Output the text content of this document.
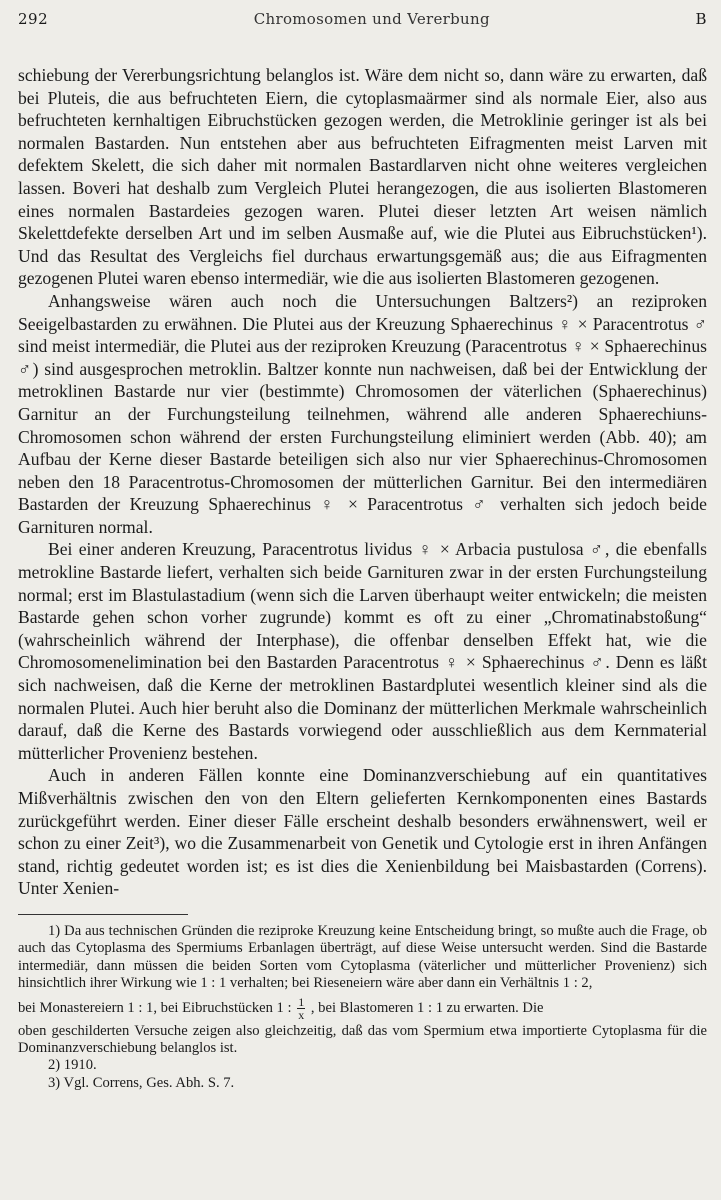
292	Chromosomen und Vererbung	B

schiebung der Vererbungsrichtung belanglos ist. Wäre dem nicht so, dann wäre zu erwarten, daß bei Pluteis, die aus befruchteten Eiern, die cytoplasmaärmer sind als normale Eier, also aus befruchteten kernhaltigen Eibruchstücken gezogen werden, die Metroklinie geringer ist als bei normalen Bastarden. Nun entstehen aber aus befruchteten Eifragmenten meist Larven mit defektem Skelett, die sich daher mit normalen Bastardlarven nicht ohne weiteres vergleichen lassen. Boveri hat deshalb zum Vergleich Plutei herangezogen, die aus isolierten Blastomeren eines normalen Bastardeies gezogen waren. Plutei dieser letzten Art weisen nämlich Skelettdefekte derselben Art und im selben Ausmaße auf, wie die Plutei aus Eibruchstücken¹). Und das Resultat des Vergleichs fiel durchaus erwartungsgemäß aus; die aus Eifragmenten gezogenen Plutei waren ebenso intermediär, wie die aus isolierten Blastomeren gezogenen.

Anhangsweise wären auch noch die Untersuchungen Baltzers²) an reziproken Seeigelbastarden zu erwähnen. Die Plutei aus der Kreuzung Sphaerechinus ♀ × Paracentrotus ♂ sind meist intermediär, die Plutei aus der reziproken Kreuzung (Paracentrotus ♀ × Sphaerechinus ♂) sind ausgesprochen metroklin. Baltzer konnte nun nachweisen, daß bei der Entwicklung der metroklinen Bastarde nur vier (bestimmte) Chromosomen der väterlichen (Sphaerechinus) Garnitur an der Furchungsteilung teilnehmen, während alle anderen Sphaerechiuns-Chromosomen schon während der ersten Furchungsteilung eliminiert werden (Abb. 40); am Aufbau der Kerne dieser Bastarde beteiligen sich also nur vier Sphaerechinus-Chromosomen neben den 18 Paracentrotus-Chromosomen der mütterlichen Garnitur. Bei den intermediären Bastarden der Kreuzung Sphaerechinus ♀ × Paracentrotus ♂ verhalten sich jedoch beide Garnituren normal.

Bei einer anderen Kreuzung, Paracentrotus lividus ♀ × Arbacia pustulosa ♂, die ebenfalls metrokline Bastarde liefert, verhalten sich beide Garnituren zwar in der ersten Furchungsteilung normal; erst im Blastulastadium (wenn sich die Larven überhaupt weiter entwickeln; die meisten Bastarde gehen schon vorher zugrunde) kommt es oft zu einer „Chromatinabstoßung“ (wahrscheinlich während der Interphase), die offenbar denselben Effekt hat, wie die Chromosomenelimination bei den Bastarden Paracentrotus ♀ × Sphaerechinus ♂. Denn es läßt sich nachweisen, daß die Kerne der metroklinen Bastardplutei wesentlich kleiner sind als die normalen Plutei. Auch hier beruht also die Dominanz der mütterlichen Merkmale wahrscheinlich darauf, daß die Kerne des Bastards vorwiegend oder ausschließlich aus dem Kernmaterial mütterlicher Provenienz bestehen.

Auch in anderen Fällen konnte eine Dominanzverschiebung auf ein quantitatives Mißverhältnis zwischen den von den Eltern gelieferten Kernkomponenten eines Bastards zurückgeführt werden. Einer dieser Fälle erscheint deshalb besonders erwähnenswert, weil er schon zu einer Zeit³), wo die Zusammenarbeit von Genetik und Cytologie erst in ihren Anfängen stand, richtig gedeutet worden ist; es ist dies die Xenienbildung bei Maisbastarden (Correns). Unter Xenien-

1) Da aus technischen Gründen die reziproke Kreuzung keine Entscheidung bringt, so mußte auch die Frage, ob auch das Cytoplasma des Spermiums Erbanlagen überträgt, auf diese Weise untersucht werden. Sind die Bastarde intermediär, dann müssen die beiden Sorten vom Cytoplasma (väterlicher und mütterlicher Provenienz) sich hinsichtlich ihrer Wirkung wie 1 : 1 verhalten; bei Rieseneiern wäre aber dann ein Verhältnis 1 : 2,

bei Monastereiern 1 : 1, bei Eibruchstücken 1 : $\frac{1}{x}$ , bei Blastomeren 1 : 1 zu erwarten. Die

oben geschilderten Versuche zeigen also gleichzeitig, daß das vom Spermium etwa importierte Cytoplasma für die Dominanzverschiebung belanglos ist.

2) 1910.

3) Vgl. Correns, Ges. Abh. S. 7.
